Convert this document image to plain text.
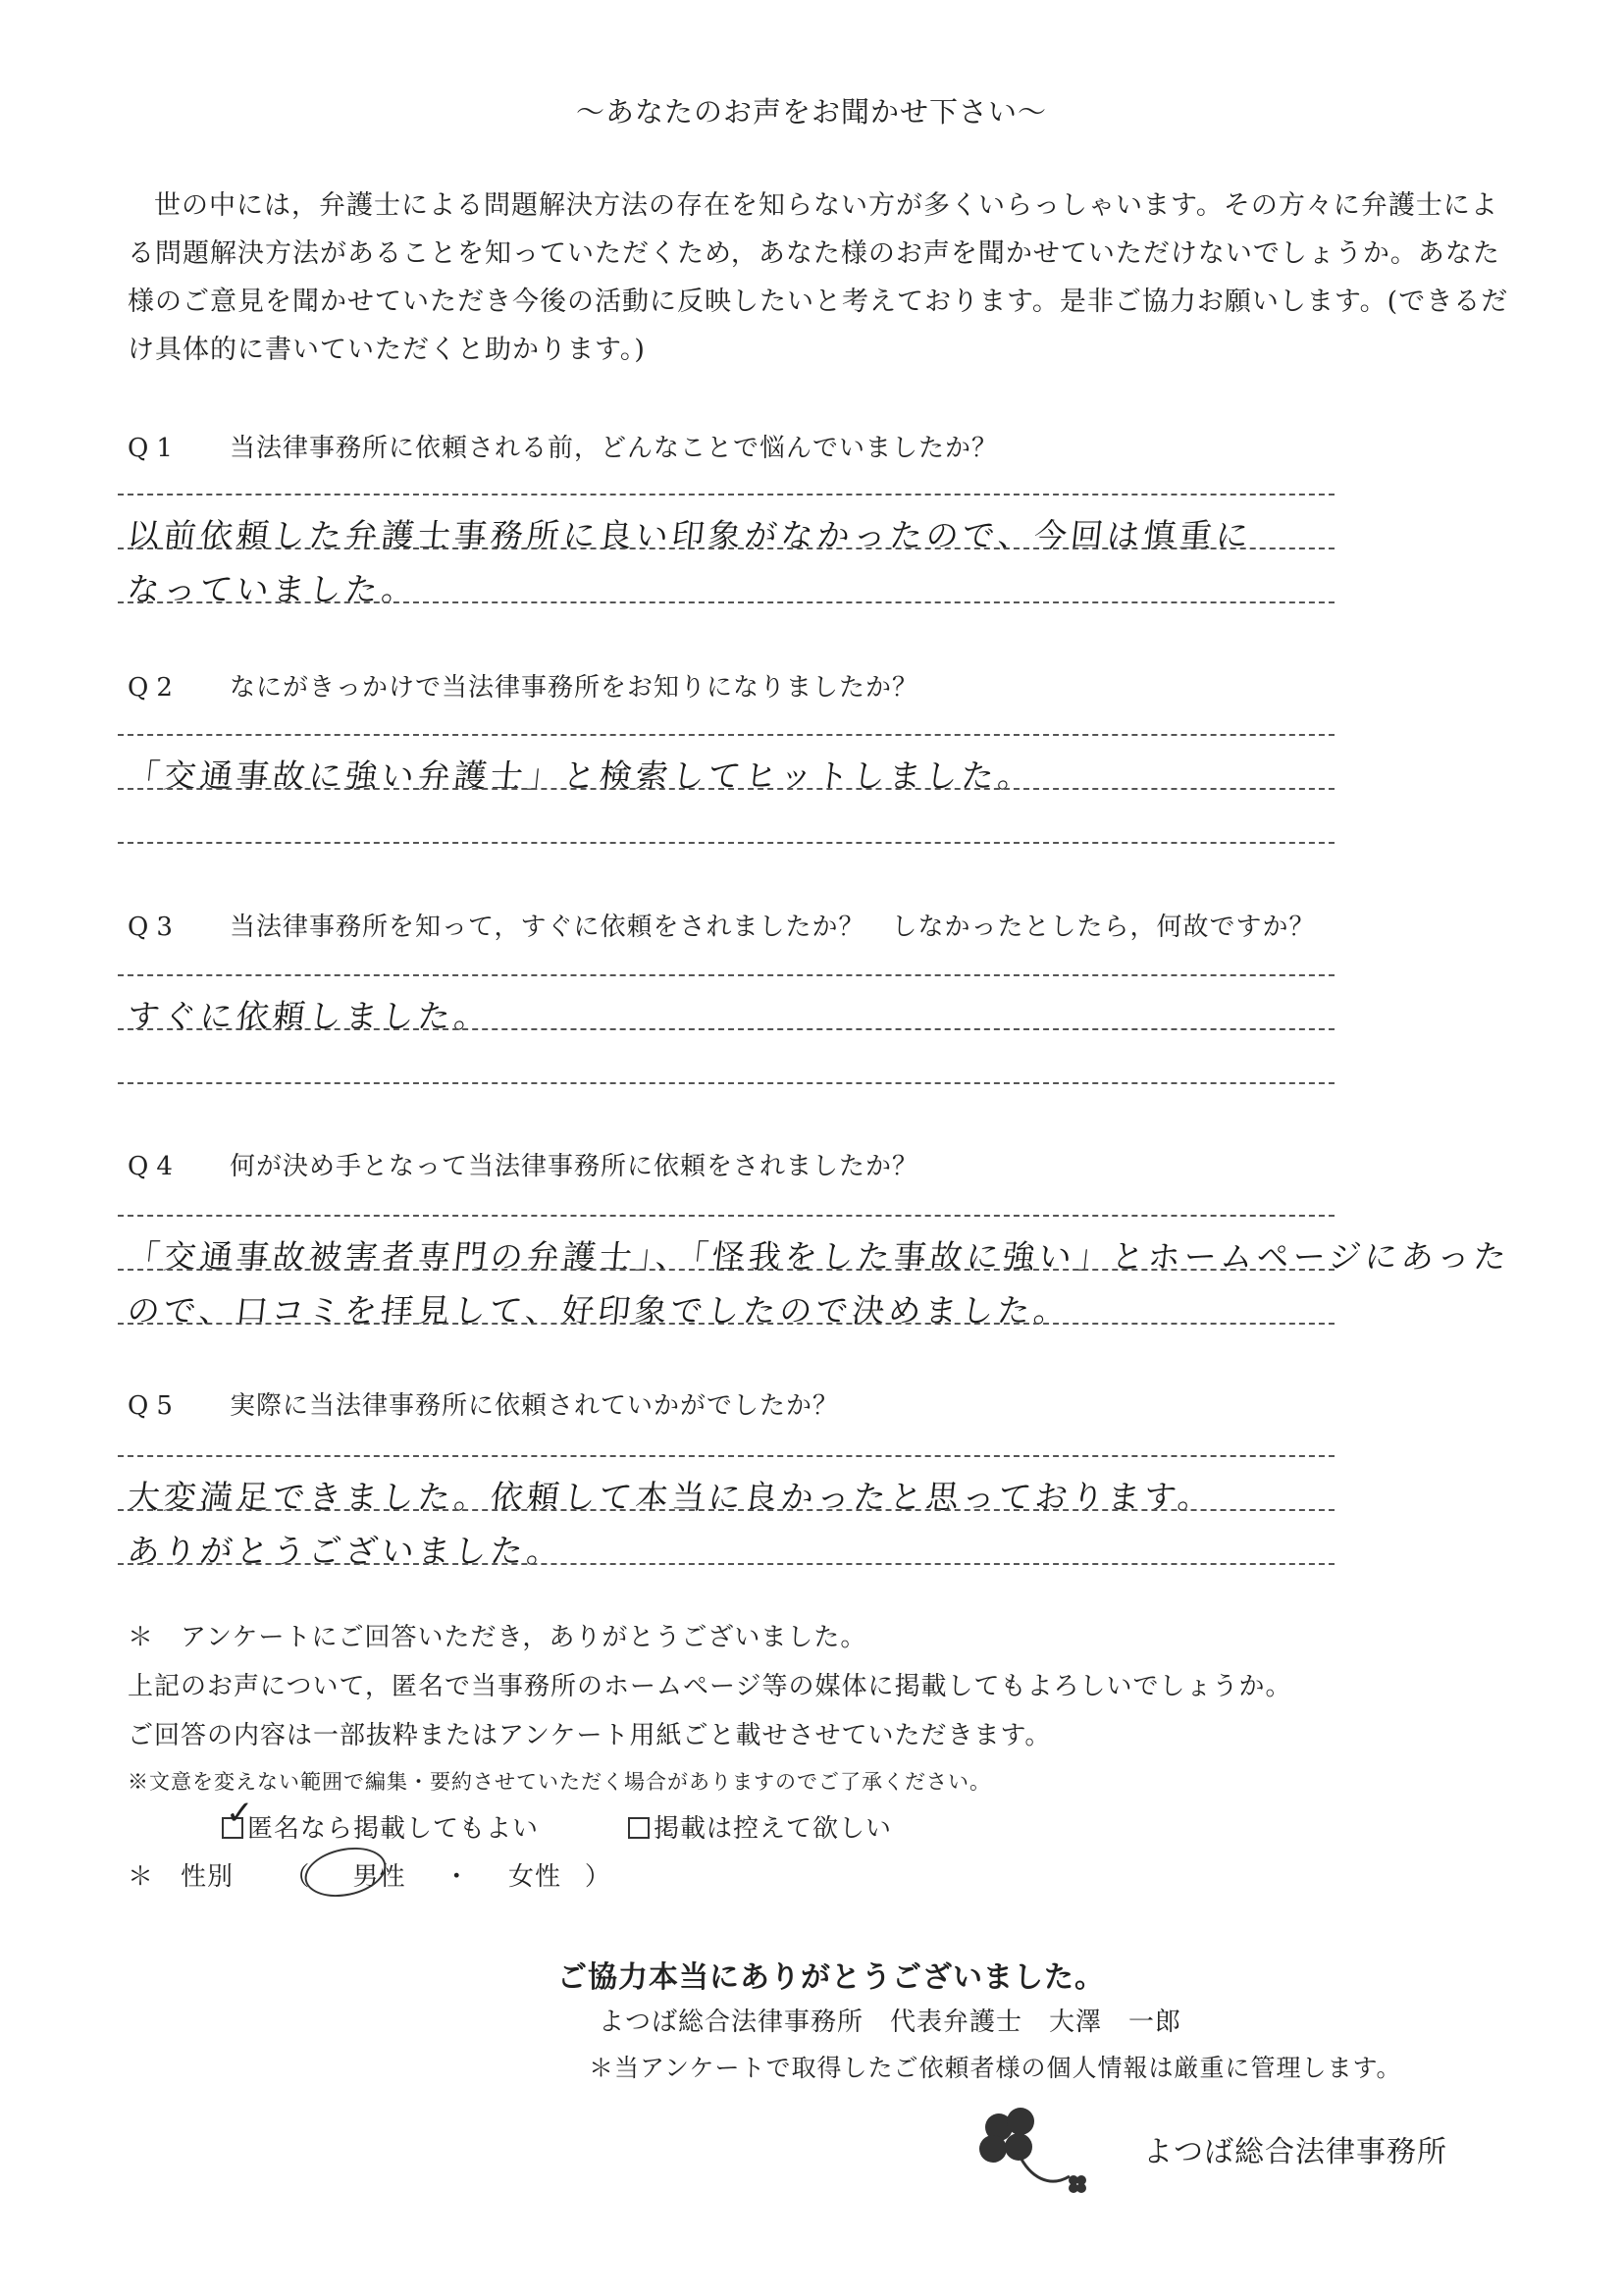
～あなたのお声をお聞かせ下さい～
世の中には，弁護士による問題解決方法の存在を知らない方が多くいらっしゃいます。その方々に弁護士による問題解決方法があることを知っていただくため，あなた様のお声を聞かせていただけないでしょうか。あなた様のご意見を聞かせていただき今後の活動に反映したいと考えております。是非ご協力お願いします。(できるだけ具体的に書いていただくと助かります。)
Q1 当法律事務所に依頼される前，どんなことで悩んでいましたか？
以前依頼した弁護士事務所に良い印象がなかったので、今回は慎重に
なっていました。
Q2 なにがきっかけで当法律事務所をお知りになりましたか？
「交通事故に強い弁護士」と検索してヒットしました。
Q3 当法律事務所を知って，すぐに依頼をされましたか？　しなかったとしたら，何故ですか？
すぐに依頼しました。
Q4 何が決め手となって当法律事務所に依頼をされましたか？
「交通事故被害者専門の弁護士」、「怪我をした事故に強い」とホームページにあった
ので、口コミを拝見して、好印象でしたので決めました。
Q5 実際に当法律事務所に依頼されていかがでしたか？
大変満足できました。依頼して本当に良かったと思っております。
ありがとうございました。
＊　アンケートにご回答いただき，ありがとうございました。
上記のお声について，匿名で当事務所のホームページ等の媒体に掲載してもよろしいでしょうか。
ご回答の内容は一部抜粋またはアンケート用紙ごと載せさせていただきます。
※文意を変えない範囲で編集・要約させていただく場合がありますのでご了承ください。
✓
匿名なら掲載してもよい	掲載は控えて欲しい
＊　性別 （ 男性 ・ 女性 ）
ご協力本当にありがとうございました。
よつば総合法律事務所　代表弁護士　大澤　一郎
＊当アンケートで取得したご依頼者様の個人情報は厳重に管理します。
よつば総合法律事務所
